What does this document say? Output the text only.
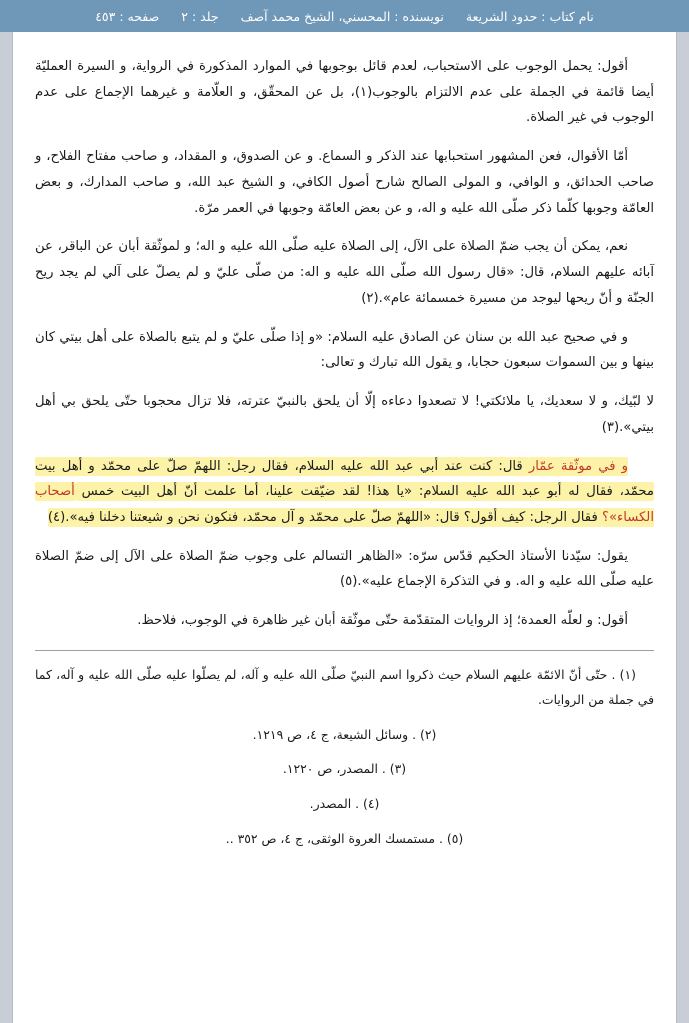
نام كتاب : حدود الشريعة
نويسنده : المحسني، الشيخ محمد آصف
جلد : ٢
صفحه : ٤٥٣

أقول: يحمل الوجوب على الاستحباب، لعدم قائل بوجوبها في الموارد المذكورة في الرواية، و السيرة العمليّة أيضا قائمة في الجملة على عدم الالتزام بالوجوب(١)، بل عن المحقّق، و العلّامة و غيرهما الإجماع على عدم الوجوب في غير الصلاة.

أمّا الأقوال، فعن المشهور استحبابها عند الذكر و السماع. و عن الصدوق، و المقداد، و صاحب مفتاح الفلاح، و صاحب الحدائق، و الوافي، و المولى الصالح شارح أصول الكافي، و الشيخ عبد الله، و صاحب المدارك، و بعض العامّة وجوبها كلّما ذكر صلّى الله عليه و اله، و عن بعض العامّة وجوبها في العمر مرّة.

نعم، يمكن أن يجب ضمّ الصلاة على الآل، إلى الصلاة عليه صلّى الله عليه و اله؛ و لموثّقة أبان عن الباقر، عن آبائه عليهم السلام، قال: «قال رسول الله صلّى الله عليه و اله: من صلّى عليّ و لم يصلّ على آلي لم يجد ريح الجنّة و أنّ ريحها ليوجد من مسيرة خمسمائة عام».(٢)

و في صحيح عبد الله بن سنان عن الصادق عليه السلام: «و إذا صلّى عليّ و لم يتبع بالصلاة على أهل بيتي كان بينها و بين السموات سبعون حجابا، و يقول الله تبارك و تعالى:

لا لبّيك، و لا سعديك، يا ملائكتي! لا تصعدوا دعاءه إلّا أن يلحق بالنبيّ عترته، فلا تزال محجوبا حتّى يلحق بي أهل بيتي».(٣)

و في موثّقة عمّار قال: كنت عند أبي عبد الله عليه السلام، فقال رجل: اللهمّ صلّ على محمّد و أهل بيت محمّد، فقال له أبو عبد الله عليه السلام: «يا هذا! لقد ضيّقت علينا، أما علمت أنّ أهل البيت خمس أصحاب الكساء»؟ فقال الرجل: كيف أقول؟ قال: «اللهمّ صلّ على محمّد و آل محمّد، فنكون نحن و شيعتنا دخلنا فيه».(٤)

يقول: سيّدنا الأستاذ الحكيم قدّس سرّه: «الظاهر التسالم على وجوب ضمّ الصلاة على الآل إلى ضمّ الصلاة عليه صلّى الله عليه و اله. و في التذكرة الإجماع عليه».(٥)

أقول: و لعلّه العمدة؛ إذ الروايات المتقدّمة حتّى موثّقة أبان غير ظاهرة في الوجوب، فلاحظ.

(١) . حتّى أنّ الائمّة عليهم السلام حيث ذكروا اسم النبيّ صلّى الله عليه و آله، لم يصلّوا عليه صلّى الله عليه و آله، كما في جملة من الروايات.

(٢) . وسائل الشيعة، ج ٤، ص ١٢١٩.

(٣) . المصدر، ص ١٢٢٠.

(٤) . المصدر.

(٥) . مستمسك العروة الوثقى، ج ٤، ص ٣٥٢ ..
